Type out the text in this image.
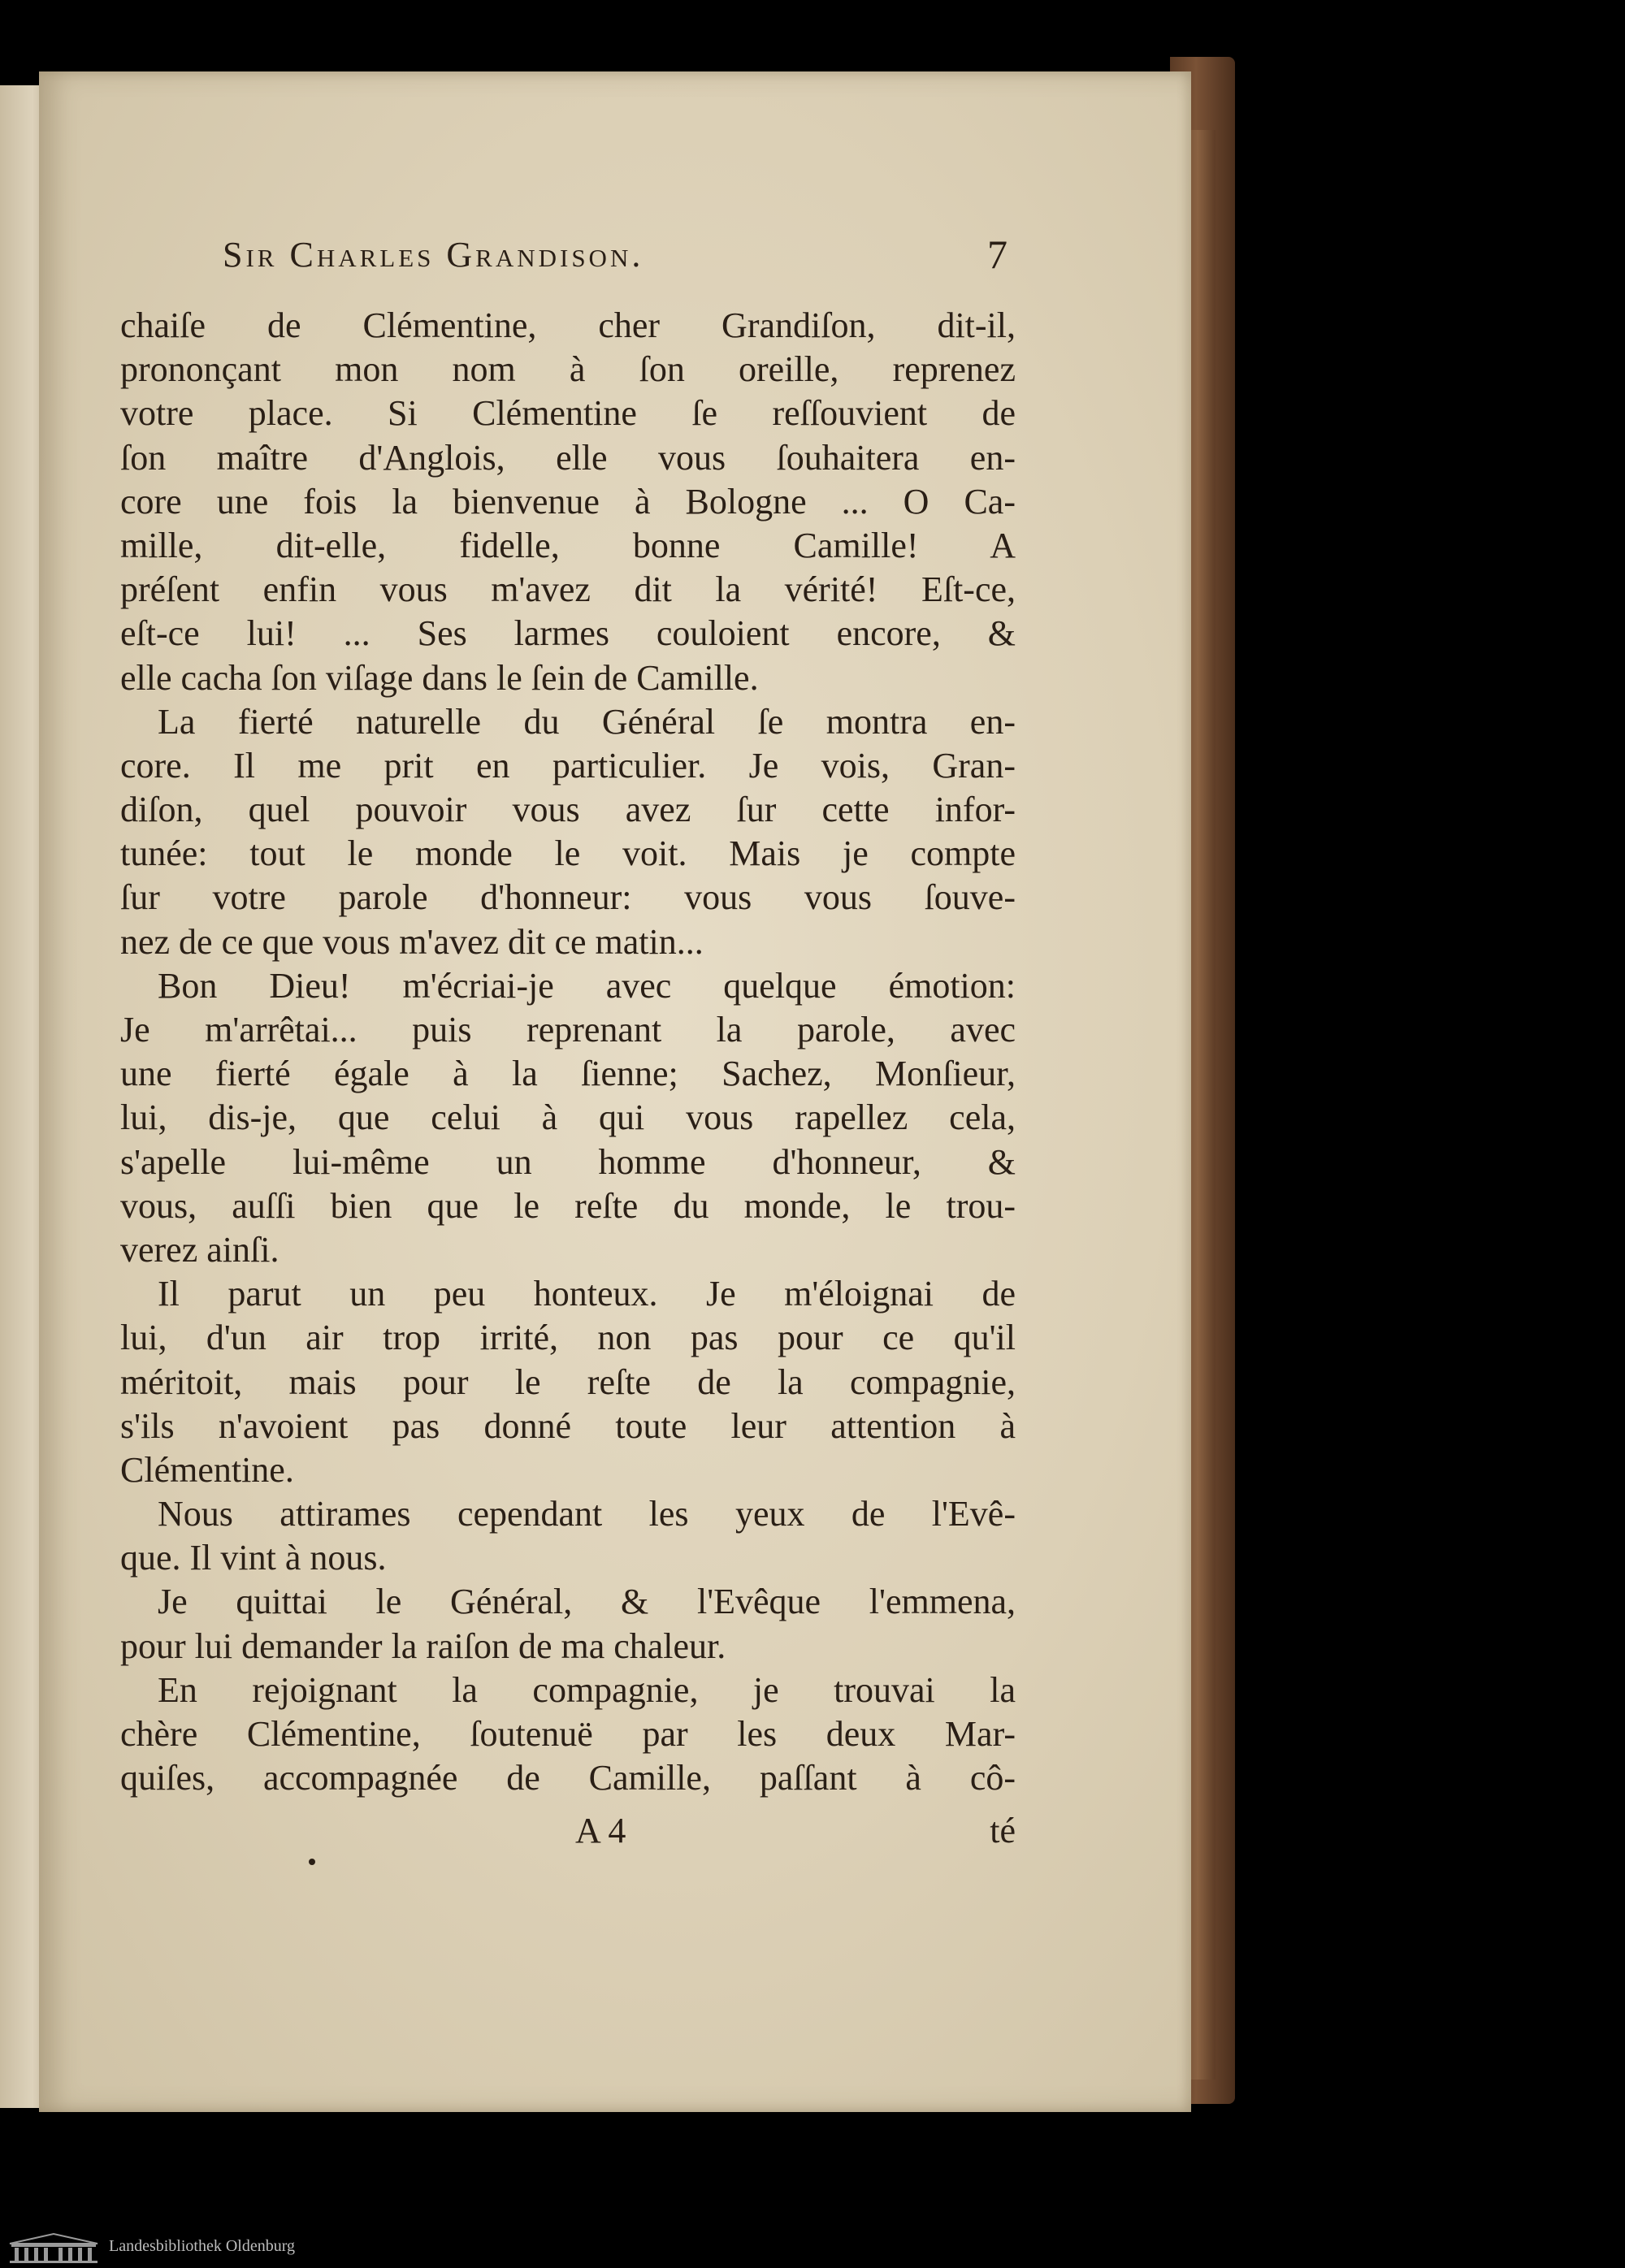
Sir Charles Grandison.	7
chaiſe de Clémentine, cher Grandiſon, dit-il,
prononçant mon nom à ſon oreille, reprenez
votre place. Si Clémentine ſe reſſouvient de
ſon maître d'Anglois, elle vous ſouhaitera en-
core une fois la bienvenue à Bologne ... O Ca-
mille, dit-elle, fidelle, bonne Camille! A
préſent enfin vous m'avez dit la vérité! Eſt-ce,
eſt-ce lui! ... Ses larmes couloient encore, &
elle cacha ſon viſage dans le ſein de Camille.
La fierté naturelle du Général ſe montra en-
core. Il me prit en particulier. Je vois, Gran-
diſon, quel pouvoir vous avez ſur cette infor-
tunée: tout le monde le voit. Mais je compte
ſur votre parole d'honneur: vous vous ſouve-
nez de ce que vous m'avez dit ce matin...
Bon Dieu! m'écriai-je avec quelque émotion:
Je m'arrêtai... puis reprenant la parole, avec
une fierté égale à la ſienne; Sachez, Monſieur,
lui, dis-je, que celui à qui vous rapellez cela,
s'apelle lui-même un homme d'honneur, &
vous, auſſi bien que le reſte du monde, le trou-
verez ainſi.
Il parut un peu honteux. Je m'éloignai de
lui, d'un air trop irrité, non pas pour ce qu'il
méritoit, mais pour le reſte de la compagnie,
s'ils n'avoient pas donné toute leur attention à
Clémentine.
Nous attirames cependant les yeux de l'Evê-
que. Il vint à nous.
Je quittai le Général, & l'Evêque l'emmena,
pour lui demander la raiſon de ma chaleur.
En rejoignant la compagnie, je trouvai la
chère Clémentine, ſoutenuë par les deux Mar-
quiſes, accompagnée de Camille, paſſant à cô-
A 4	té
Landesbibliothek Oldenburg
